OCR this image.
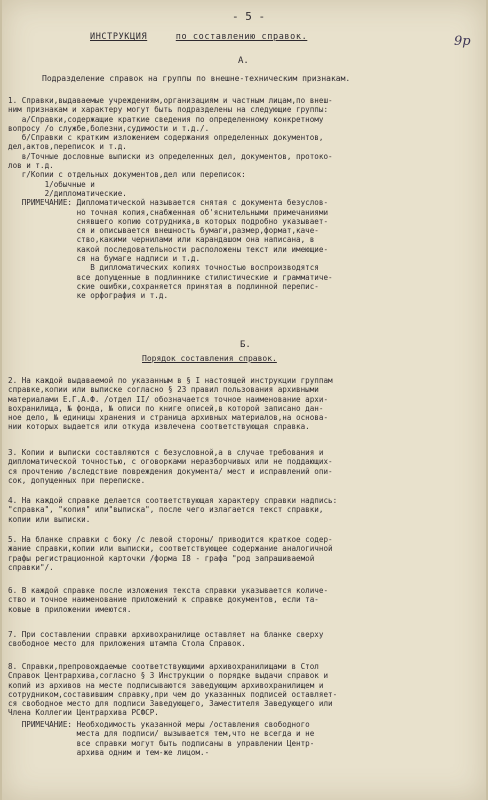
- 5 -
ИНСТРУКЦИЯ	по составлению справок.	9р
А.
Подразделение справок на группы по внешне-техническим признакам.
1. Справки,выдаваемые учреждениям,организациям и частным лицам,по внеш-
ним признакам и характеру могут быть подразделены на следующие группы:
а/Справки,содержащие краткие сведения по определенному конкретному
вопросу /о службе,болезни,судимости и т.д./.
б/Справки с кратким изложением содержания определенных документов,
дел,актов,переписок и т.д.
в/Точные дословные выписки из определенных дел, документов, протоко-
лов и т.д.
г/Копии с отдельных документов,дел или переписок:
1/обычные и
2/дипломатические.
ПРИМЕЧАНИЕ: Дипломатической называется снятая с документа безуслов-
но точная копия,снабженная об'яснительными примечаниями
снявшего копию сотрудника,в которых подробно указывает-
ся и описывается внешность бумаги,размер,формат,каче-
ство,какими чернилами или карандашом она написана, в
какой последовательности расположены текст или имеющие-
ся на бумаге надписи и т.д.
В дипломатических копиях точностью воспроизводятся
все допущенные в подлиннике стилистические и грамматиче-
ские ошибки,сохраняется принятая в подлинной перепис-
ке орфография и т.д.
Б.
Порядок составления справок.
2. На каждой выдаваемой по указанным в § I настоящей инструкции группам
справке,копии или выписке согласно § 23 правил пользования архивными
материалами Е.Г.А.Ф. /отдел II/ обозначается точное наименование архи-
вохранилища, № фонда, № описи по книге описей,в которой записано дан-
ное дело, № единицы хранения и страница архивных материалов,на основа-
нии которых выдается или откуда извлечена соответствующая справка.
3. Копии и выписки составляются с безусловной,а в случае требования и
дипломатической точностью, с оговорками неразборчивых или не поддающих-
ся прочтению /вследствие повреждения документа/ мест и исправлений опи-
сок, допущенных при переписке.
4. На каждой справке делается соответствующая характеру справки надпись:
"справка", "копия" или"выписка", после чего излагается текст справки,
копии или выписки.
5. На бланке справки с боку /с левой стороны/ приводится краткое содер-
жание справки,копии или выписки, соответствующее содержание аналогичной
графы регистрационной карточки /форма I8 - графа "род запрашиваемой
справки"/.
6. В каждой справке после изложения текста справки указывается количе-
ство и точное наименование приложений к справке документов, если та-
ковые в приложении имеются.
7. При составлении справки архивохранилище оставляет на бланке сверху
свободное место для приложения штампа Стола Справок.
8. Справки,препровождаемые соответствующими архивохранилищами в Стол
Справок Центрархива,согласно § 3 Инструкции о порядке выдачи справок и
копий из архивов на месте подписываются заведующим архивохранилищем и
сотрудником,составившим справку,при чем до указанных подписей оставляет-
ся свободное место для подписи Заведующего, Заместителя Заведующего или
Члена Коллегии Центрархива РСФСР.
ПРИМЕЧАНИЕ: Необходимость указанной меры /оставления свободного
места для подписи/ вызывается тем,что не всегда и не
все справки могут быть подписаны в управлении Центр-
архива одним и тем-же лицом.-
